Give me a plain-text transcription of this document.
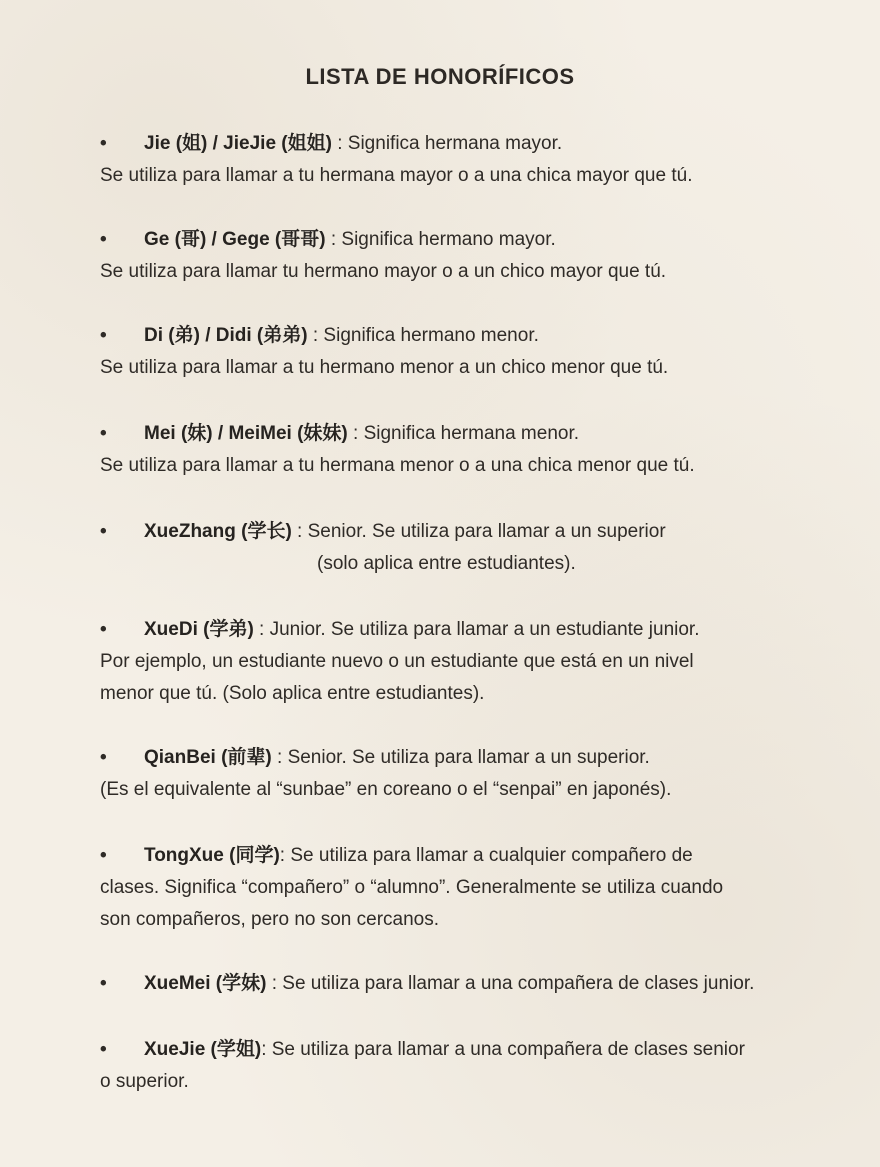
LISTA DE HONORÍFICOS
• Jie (姐) / JieJie (姐姐) : Significa hermana mayor.
Se utiliza para llamar a tu hermana mayor o a una chica mayor que tú.
• Ge (哥) / Gege (哥哥) : Significa hermano mayor.
Se utiliza para llamar tu hermano mayor o a un chico mayor que tú.
• Di (弟) / Didi (弟弟) : Significa hermano menor.
Se utiliza para llamar a tu hermano menor a un chico menor que tú.
• Mei (妹) / MeiMei (妹妹) : Significa hermana menor.
Se utiliza para llamar a tu hermana menor o a una chica menor que tú.
• XueZhang (学长) : Senior. Se utiliza para llamar a un superior
(solo aplica entre estudiantes).
• XueDi (学弟) : Junior. Se utiliza para llamar a un estudiante junior.
Por ejemplo, un estudiante nuevo o un estudiante que está en un nivel
menor que tú. (Solo aplica entre estudiantes).
• QianBei (前辈) : Senior. Se utiliza para llamar a un superior.
(Es el equivalente al “sunbae” en coreano o el “senpai” en japonés).
• TongXue (同学): Se utiliza para llamar a cualquier compañero de
clases. Significa “compañero” o “alumno”. Generalmente se utiliza cuando
son compañeros, pero no son cercanos.
• XueMei (学妹) : Se utiliza para llamar a una compañera de clases junior.
• XueJie (学姐): Se utiliza para llamar a una compañera de clases senior
o superior.
